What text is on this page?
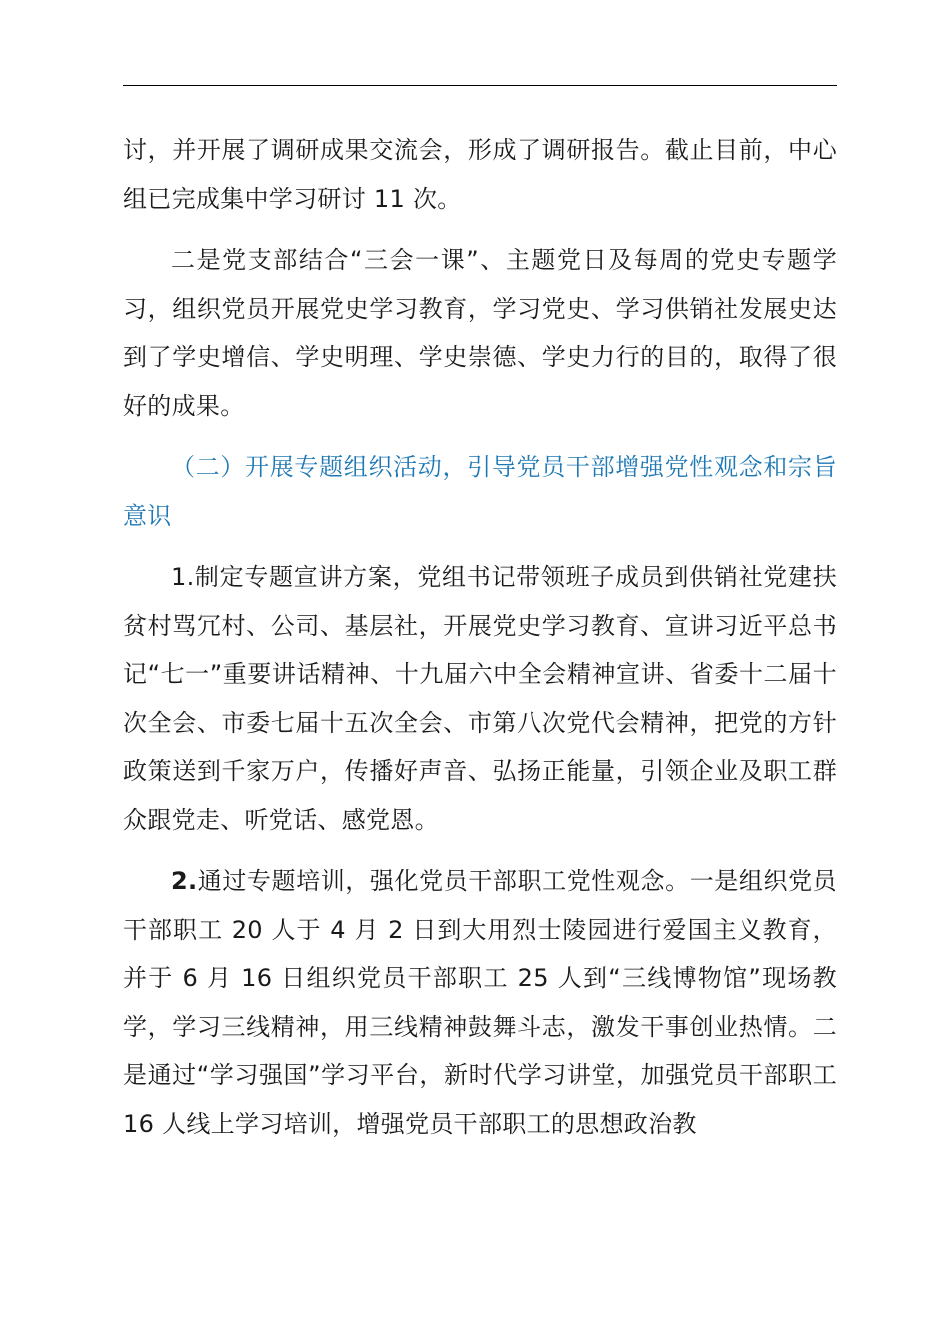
讨，并开展了调研成果交流会，形成了调研报告。截止目前，中心组已完成集中学习研讨 11 次。

二是党支部结合“三会一课”、主题党日及每周的党史专题学习，组织党员开展党史学习教育，学习党史、学习供销社发展史达到了学史增信、学史明理、学史崇德、学史力行的目的，取得了很好的成果。

（二）开展专题组织活动，引导党员干部增强党性观念和宗旨意识

1.制定专题宣讲方案，党组书记带领班子成员到供销社党建扶贫村骂冗村、公司、基层社，开展党史学习教育、宣讲习近平总书记“七一”重要讲话精神、十九届六中全会精神宣讲、省委十二届十次全会、市委七届十五次全会、市第八次党代会精神，把党的方针政策送到千家万户，传播好声音、弘扬正能量，引领企业及职工群众跟党走、听党话、感党恩。

2.通过专题培训，强化党员干部职工党性观念。一是组织党员干部职工 20 人于 4 月 2 日到大用烈士陵园进行爱国主义教育，并于 6 月 16 日组织党员干部职工 25 人到“三线博物馆”现场教学，学习三线精神，用三线精神鼓舞斗志，激发干事创业热情。二是通过“学习强国”学习平台，新时代学习讲堂，加强党员干部职工 16 人线上学习培训，增强党员干部职工的思想政治教
